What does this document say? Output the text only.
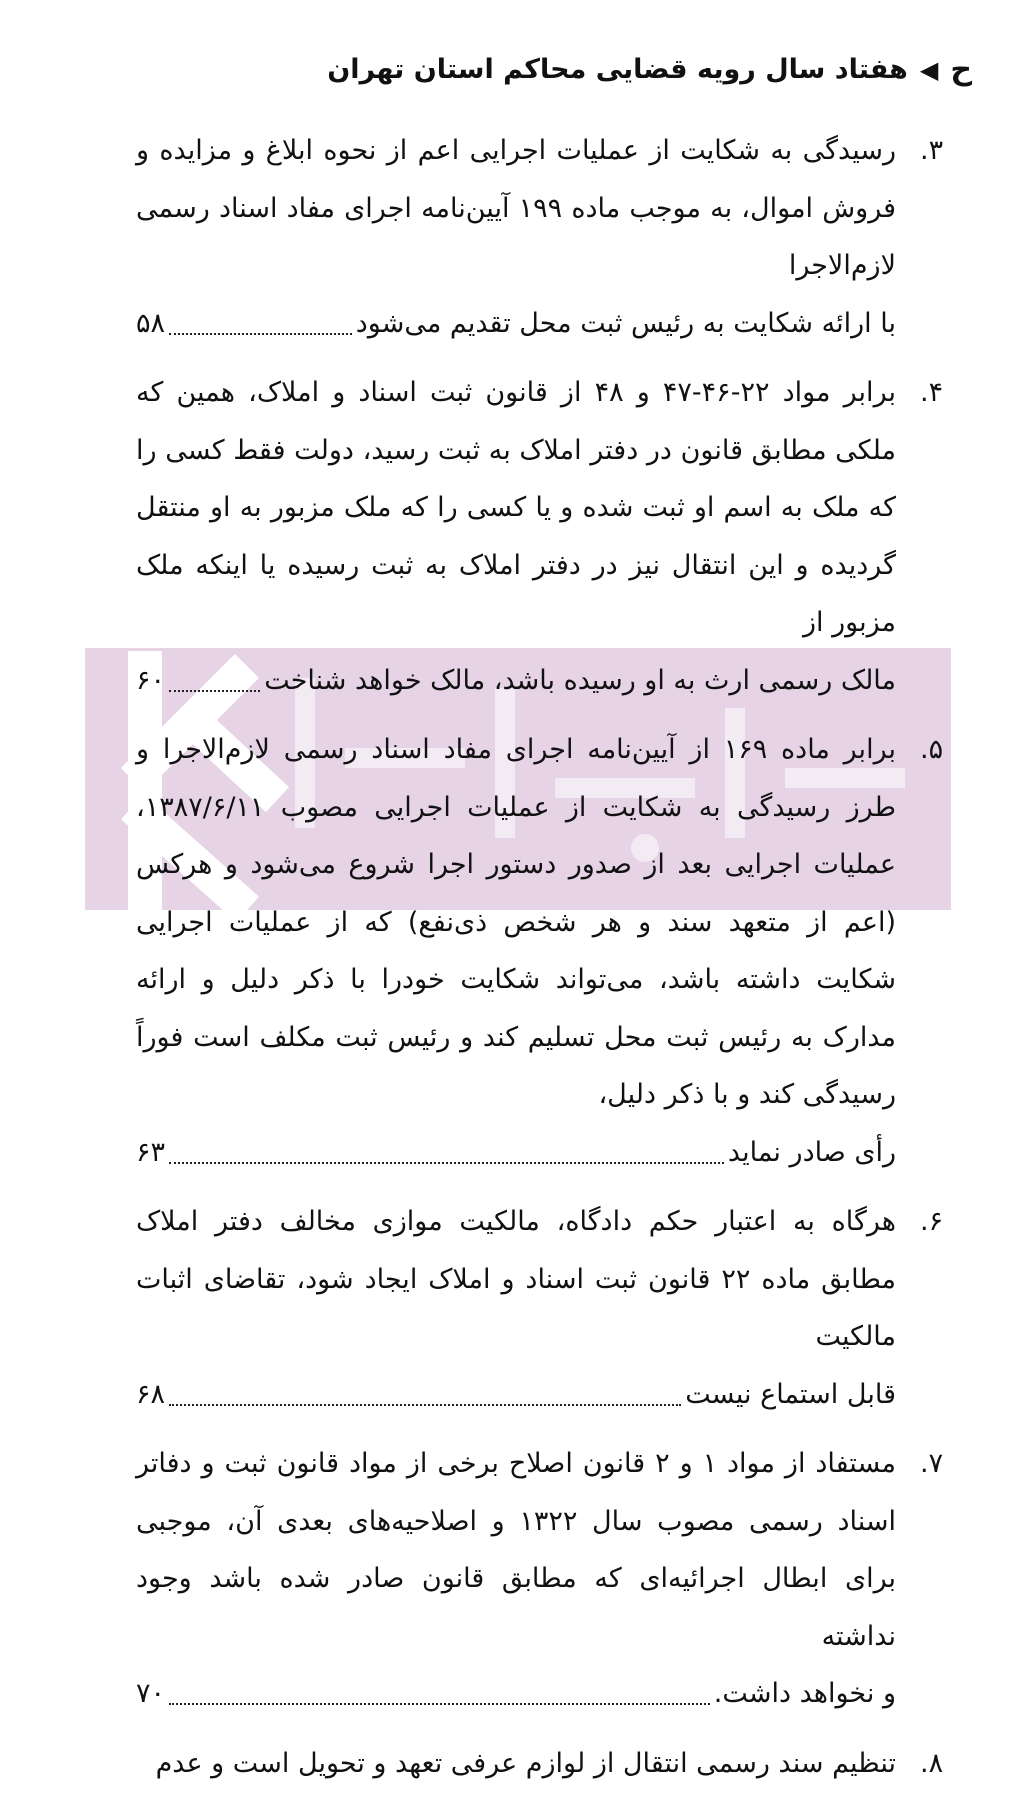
ح
◀
هفتاد سال رویه قضایی محاکم استان تهران
۳.
رسیدگی به شکایت از عملیات اجرایی اعم از نحوه ابلاغ و مزایده و فروش اموال، به موجب ماده ۱۹۹ آیین‌نامه اجرای مفاد اسناد رسمی لازم‌الاجرا
با ارائه شکایت به رئیس ثبت محل تقدیم می‌شود
۵۸
۴.
برابر مواد ۲۲-۴۶-۴۷ و ۴۸ از قانون ثبت اسناد و املاک، همین که ملکی مطابق قانون در دفتر املاک به ثبت رسید، دولت فقط کسی را که ملک به اسم او ثبت شده و یا کسی را که ملک مزبور به او منتقل گردیده و این انتقال نیز در دفتر املاک به ثبت رسیده یا اینکه ملک مزبور از
مالک رسمی ارث به او رسیده باشد، مالک خواهد شناخت
۶۰
۵.
برابر ماده ۱۶۹ از آیین‌نامه اجرای مفاد اسناد رسمی لازم‌الاجرا و طرز رسیدگی به شکایت از عملیات اجرایی مصوب ۱۳۸۷/۶/۱۱، عملیات اجرایی بعد از صدور دستور اجرا شروع می‌شود و هرکس (اعم از متعهد سند و هر شخص ذی‌نفع) که از عملیات اجرایی شکایت داشته باشد، می‌تواند شکایت خودرا با ذکر دلیل و ارائه مدارک به رئیس ثبت محل تسلیم کند و رئیس ثبت مکلف است فوراً رسیدگی کند و با ذکر دلیل،
رأی صادر نماید
۶۳
۶.
هرگاه به اعتبار حکم دادگاه، مالکیت موازی مخالف دفتر املاک مطابق ماده ۲۲ قانون ثبت اسناد و املاک ایجاد شود، تقاضای اثبات مالکیت
قابل استماع نیست
۶۸
۷.
مستفاد از مواد ۱ و ۲ قانون اصلاح برخی از مواد قانون ثبت و دفاتر اسناد رسمی مصوب سال ۱۳۲۲ و اصلاحیه‌های بعدی آن، موجبی برای ابطال اجرائیه‌ای که مطابق قانون صادر شده باشد وجود نداشته
و نخواهد داشت.
۷۰
۸.
تنظیم سند رسمی انتقال از لوازم عرفی تعهد و تحویل است و عدم
